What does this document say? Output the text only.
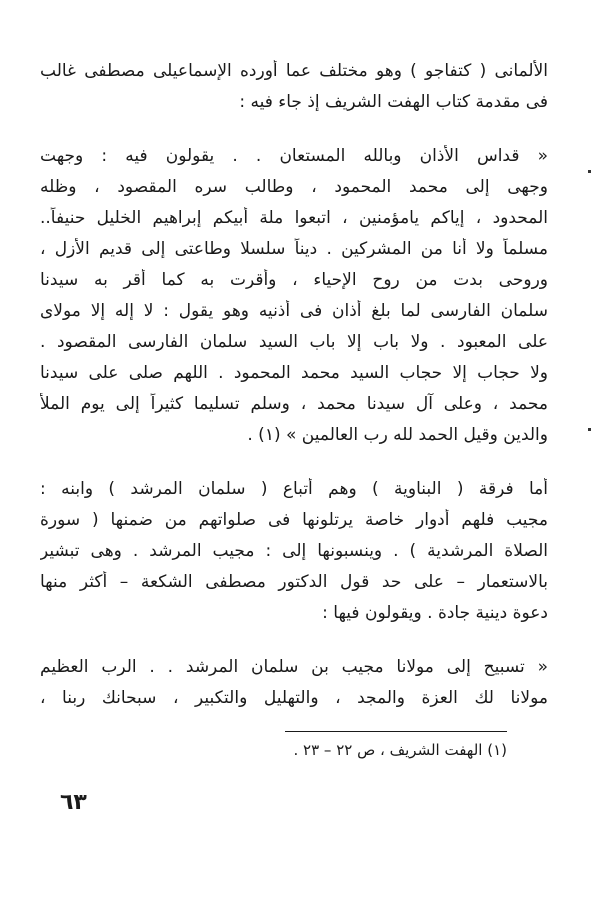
الألمانى ( كتفاجو ) وهو مختلف عما أورده الإسماعيلى مصطفى غالب
فى مقدمة كتاب الهفت الشريف إذ جاء فيه :
« قداس الأذان وبالله المستعان . . يقولون فيه : وجهت
وجهى إلى محمد المحمود ، وطالب سره المقصود ، وظله
المحدود ، إياكم يامؤمنين ، اتبعوا ملة أبيكم إبراهيم الخليل حنيفاً..
مسلماً ولا أنا من المشركين . ديناً سلسلا وطاعتى إلى قديم الأزل ،
وروحى بدت من روح الإحياء ، وأقرت به كما أقر به سيدنا
سلمان الفارسى لما بلغ أذان فى أذنيه وهو يقول : لا إله إلا مولاى
على المعبود . ولا باب إلا باب السيد سلمان الفارسى المقصود .
ولا حجاب إلا حجاب السيد محمد المحمود . اللهم صلى على سيدنا
محمد ، وعلى آل سيدنا محمد ، وسلم تسليما كثيراً إلى يوم الملأ
والدين وقيل الحمد لله رب العالمين » (١) .
أما فرقة ( البناوية ) وهم أتباع ( سلمان المرشد ) وابنه :
مجيب فلهم أدوار خاصة يرتلونها فى صلواتهم من ضمنها ( سورة
الصلاة المرشدية ) . وينسبونها إلى : مجيب المرشد . وهى تبشير
بالاستعمار – على حد قول الدكتور مصطفى الشكعة – أكثر منها
دعوة دينية جادة . ويقولون فيها :
« تسبيح إلى مولانا مجيب بن سلمان المرشد . . الرب العظيم
مولانا لك العزة والمجد ، والتهليل والتكبير ، سبحانك ربنا ،
(١) الهفت الشريف ، ص ٢٢ – ٢٣ .
٦٣
